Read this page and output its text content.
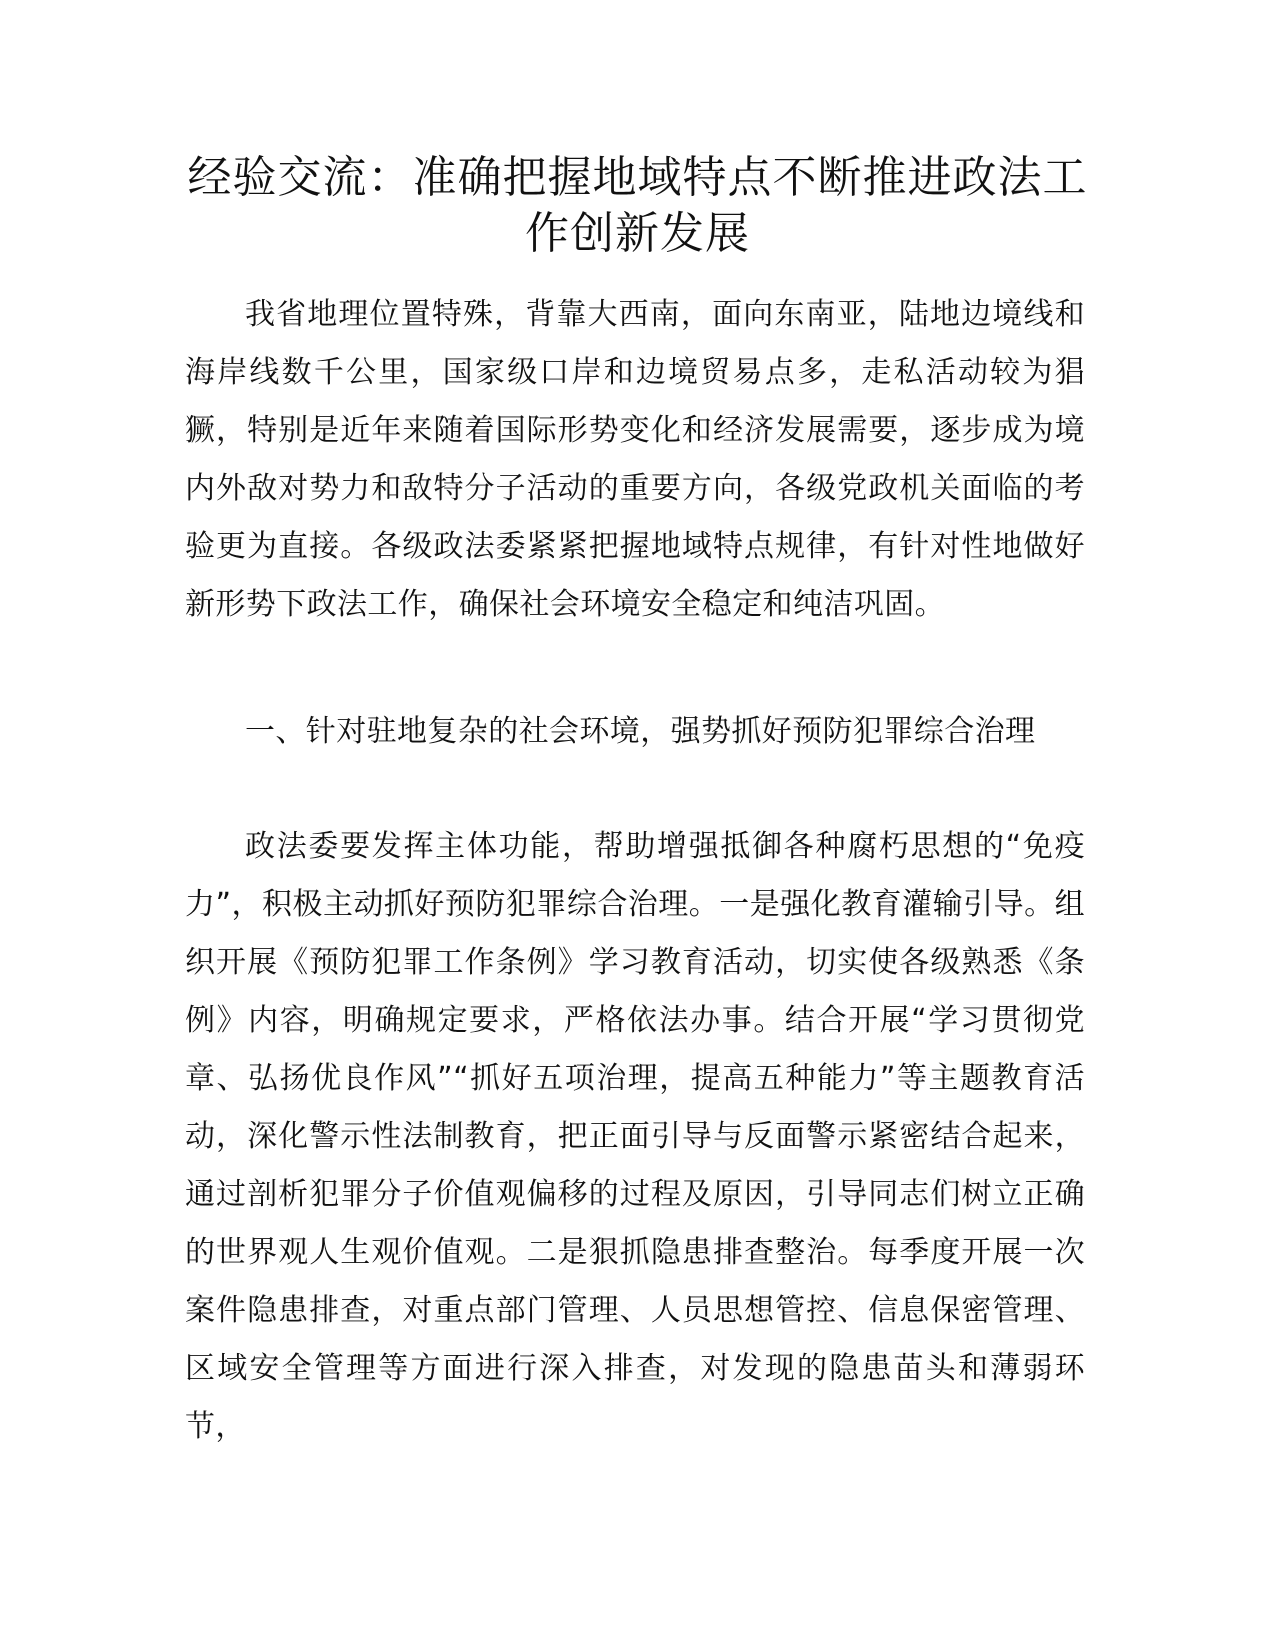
经验交流：准确把握地域特点不断推进政法工作创新发展

我省地理位置特殊，背靠大西南，面向东南亚，陆地边境线和海岸线数千公里，国家级口岸和边境贸易点多，走私活动较为猖獗，特别是近年来随着国际形势变化和经济发展需要，逐步成为境内外敌对势力和敌特分子活动的重要方向，各级党政机关面临的考验更为直接。各级政法委紧紧把握地域特点规律，有针对性地做好新形势下政法工作，确保社会环境安全稳定和纯洁巩固。

一、针对驻地复杂的社会环境，强势抓好预防犯罪综合治理

政法委要发挥主体功能，帮助增强抵御各种腐朽思想的“免疫力”，积极主动抓好预防犯罪综合治理。一是强化教育灌输引导。组织开展《预防犯罪工作条例》学习教育活动，切实使各级熟悉《条例》内容，明确规定要求，严格依法办事。结合开展“学习贯彻党章、弘扬优良作风”“抓好五项治理，提高五种能力”等主题教育活动，深化警示性法制教育，把正面引导与反面警示紧密结合起来，通过剖析犯罪分子价值观偏移的过程及原因，引导同志们树立正确的世界观人生观价值观。二是狠抓隐患排查整治。每季度开展一次案件隐患排查，对重点部门管理、人员思想管控、信息保密管理、区域安全管理等方面进行深入排查，对发现的隐患苗头和薄弱环节，
